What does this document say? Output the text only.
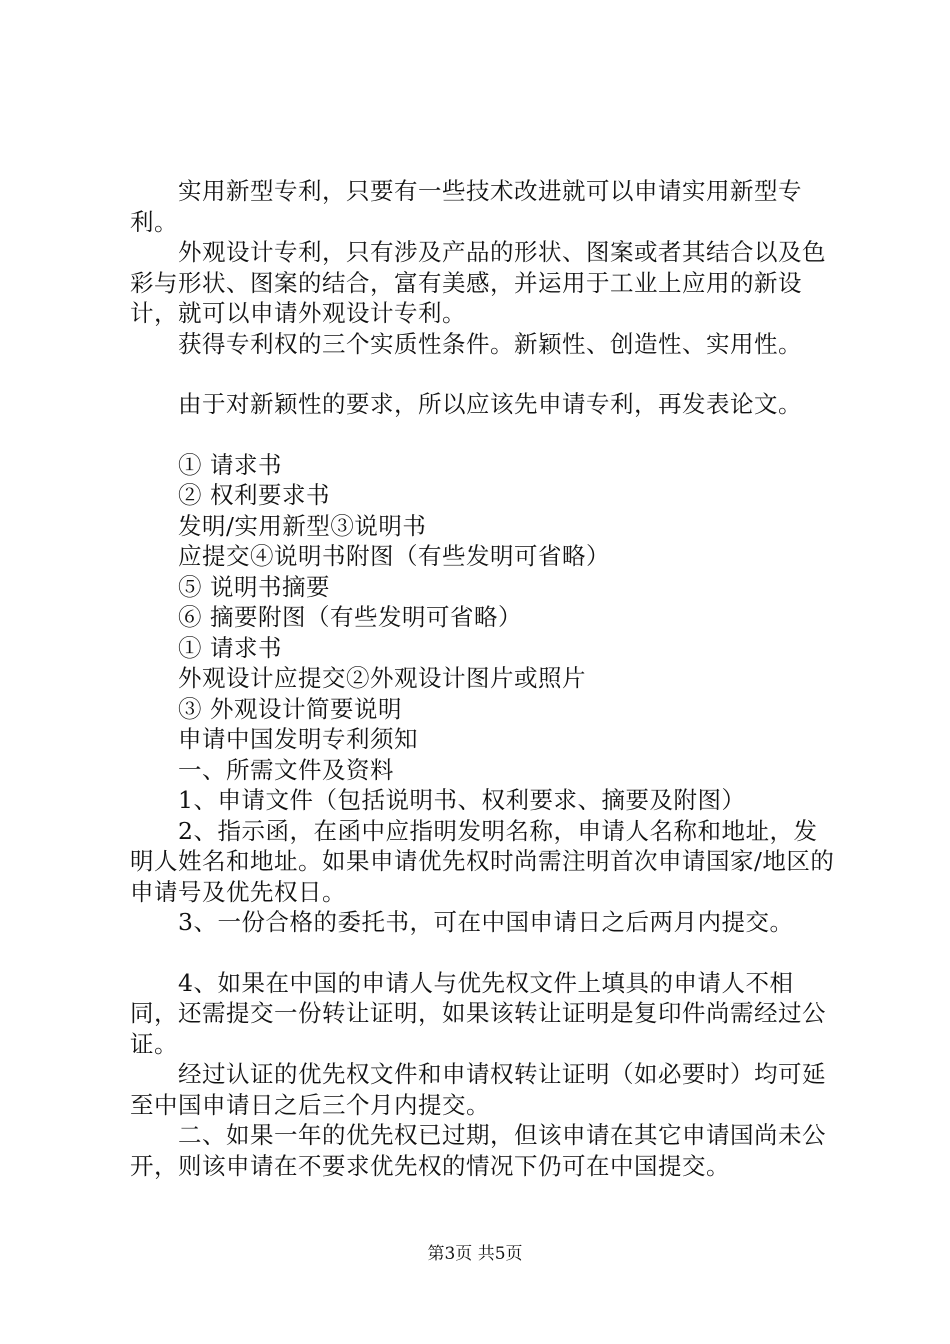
实用新型专利，只要有一些技术改进就可以申请实用新型专利。

外观设计专利，只有涉及产品的形状、图案或者其结合以及色彩与形状、图案的结合，富有美感，并运用于工业上应用的新设计，就可以申请外观设计专利。

获得专利权的三个实质性条件。新颖性、创造性、实用性。

由于对新颖性的要求，所以应该先申请专利，再发表论文。

① 请求书

② 权利要求书

发明/实用新型③说明书

应提交④说明书附图（有些发明可省略）

⑤ 说明书摘要

⑥ 摘要附图（有些发明可省略）

① 请求书

外观设计应提交②外观设计图片或照片

③ 外观设计简要说明

申请中国发明专利须知

一、所需文件及资料

1、申请文件（包括说明书、权利要求、摘要及附图）

2、指示函，在函中应指明发明名称，申请人名称和地址，发明人姓名和地址。如果申请优先权时尚需注明首次申请国家/地区的申请号及优先权日。

3、一份合格的委托书，可在中国申请日之后两月内提交。

4、如果在中国的申请人与优先权文件上填具的申请人不相同，还需提交一份转让证明，如果该转让证明是复印件尚需经过公证。

经过认证的优先权文件和申请权转让证明（如必要时）均可延至中国申请日之后三个月内提交。

二、如果一年的优先权已过期，但该申请在其它申请国尚未公开，则该申请在不要求优先权的情况下仍可在中国提交。

第3页 共5页
